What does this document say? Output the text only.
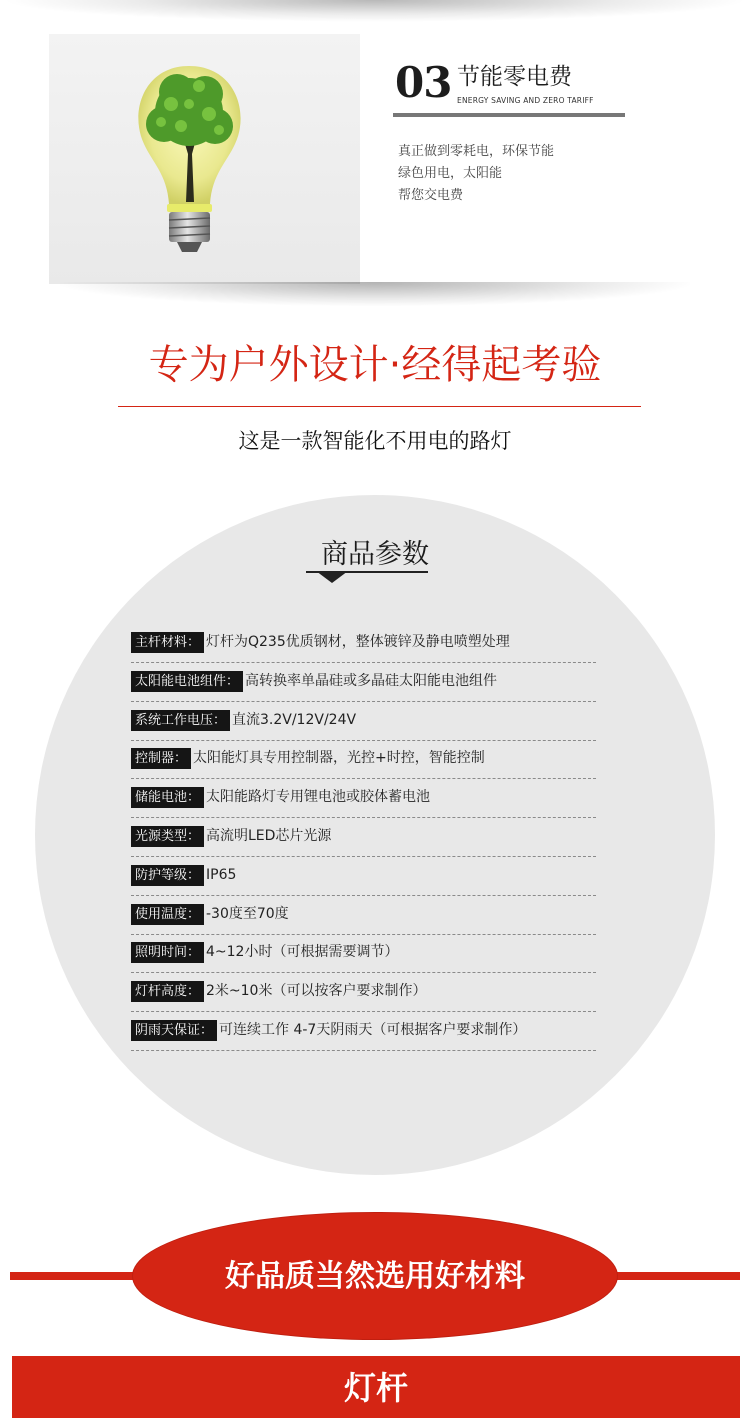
03 节能零电费
ENERGY SAVING AND ZERO TARIFF
真正做到零耗电，环保节能
绿色用电，太阳能
帮您交电费
专为户外设计·经得起考验
这是一款智能化不用电的路灯
商品参数
主杆材料： 灯杆为Q235优质钢材，整体镀锌及静电喷塑处理
太阳能电池组件： 高转换率单晶硅或多晶硅太阳能电池组件
系统工作电压： 直流3.2V/12V/24V
控制器： 太阳能灯具专用控制器，光控+时控，智能控制
储能电池： 太阳能路灯专用锂电池或胶体蓄电池
光源类型： 高流明LED芯片光源
防护等级： IP65
使用温度： -30度至70度
照明时间： 4~12小时（可根据需要调节）
灯杆高度： 2米~10米（可以按客户要求制作）
阴雨天保证： 可连续工作 4-7天阴雨天（可根据客户要求制作）
好品质当然选用好材料
灯杆
